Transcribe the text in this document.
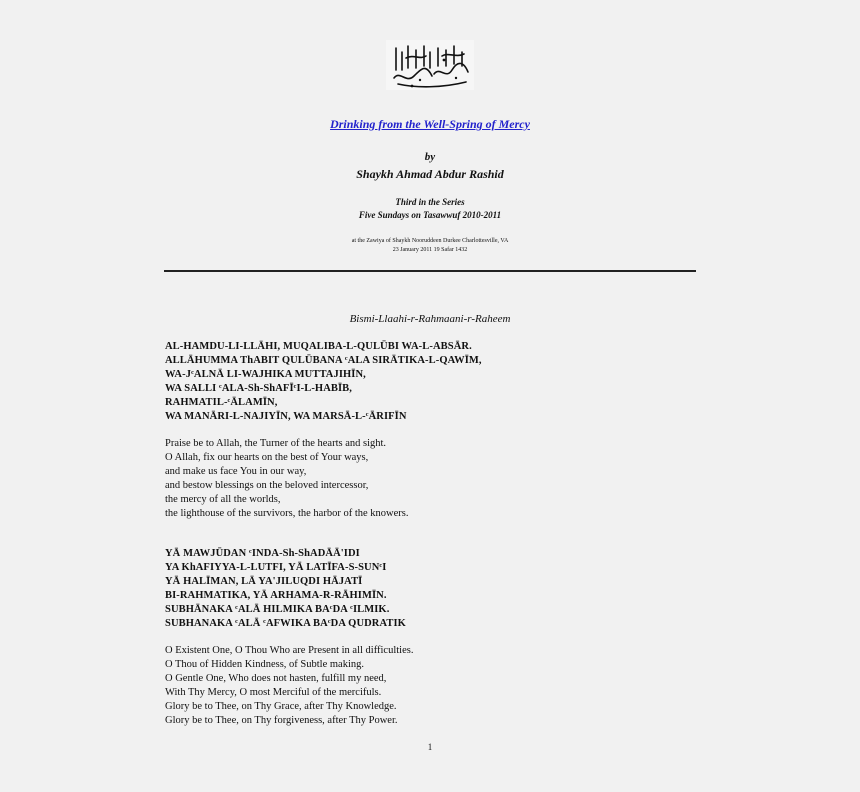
Drinking from the Well-Spring of Mercy
by
Shaykh Ahmad Abdur Rashid
Third in the Series
Five Sundays on Tasawwuf 2010-2011
at the Zawiya of Shaykh Nooruddeen Durkee Charlottesville, VA
23 January 2011 19 Safar 1432
Bismi-Llaahi-r-Rahmaani-r-Raheem
AL-HAMDU-LI-LLĀHI, MUQALIBA-L-QULŪBI WA-L-ABSĀR.
ALLĀHUMMA ThABIT QULŪBANA ᶜALA SIRĀTIKA-L-QAWĪM,
WA-JᶜALNĀ LI-WAJHIKA MUTTAJIHĪN,
WA SALLI ᶜALA-Sh-ShAFĪᶜI-L-HABĪB,
RAHMATIL-ᶜĀLAMĪN,
WA MANĀRI-L-NAJIYĪN, WA MARSĀ-L-ᶜĀRIFĪN
Praise be to Allah, the Turner of the hearts and sight.
O Allah, fix our hearts on the best of Your ways,
and make us face You in our way,
and bestow blessings on the beloved intercessor,
the mercy of all the worlds,
the lighthouse of the survivors, the harbor of the knowers.
YĀ MAWJŪDAN ᶜINDA-Sh-ShADĀĀ'IDI
YA KhAFIYYA-L-LUTFI, YĀ LATĪFA-S-SUNᶜI
YĀ HALĪMAN, LĀ YA'JILUQDI HĀJATĪ
BI-RAHMATIKA, YĀ ARHAMA-R-RĀHIMĪN.
SUBHĀNAKA ᶜALĀ HILMIKA BAᶜDA ᶜILMIK.
SUBHANAKA ᶜALĀ ᶜAFWIKA BAᶜDA QUDRATIK
O Existent One, O Thou Who are Present in all difficulties.
O Thou of Hidden Kindness, of Subtle making.
O Gentle One, Who does not hasten, fulfill my need,
With Thy Mercy, O most Merciful of the mercifuls.
Glory be to Thee, on Thy Grace, after Thy Knowledge.
Glory be to Thee, on Thy forgiveness, after Thy Power.
1
